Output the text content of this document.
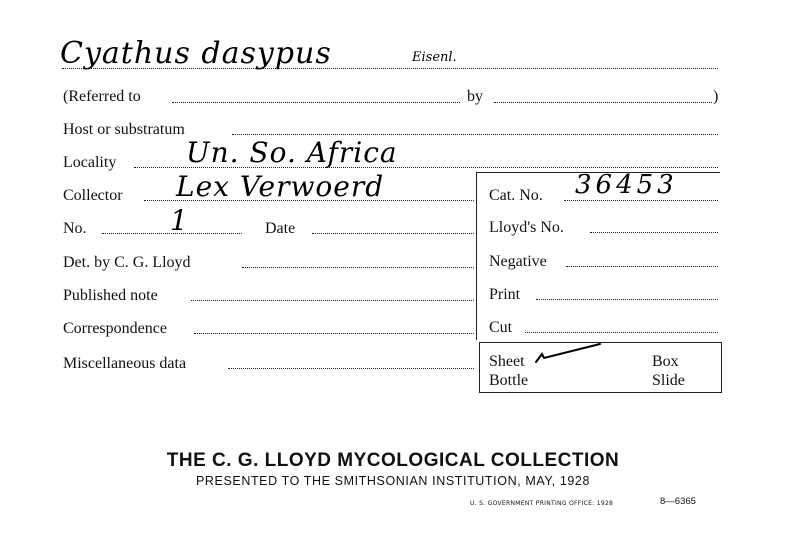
Cyathus dasypus	Eisenl.
(Referred to	by	)
Host or substratum
Locality Un. So. Africa
Collector Lex Verwoerd
No.	1	Date
Det. by C. G. Lloyd
Published note
Correspondence
Miscellaneous data
Cat. No. 36453
Lloyd's No.
Negative
Print
Cut
Sheet	Box
Bottle	Slide
THE C. G. LLOYD MYCOLOGICAL COLLECTION
PRESENTED TO THE SMITHSONIAN INSTITUTION, MAY, 1928
U. S. GOVERNMENT PRINTING OFFICE: 1928	8—6365
